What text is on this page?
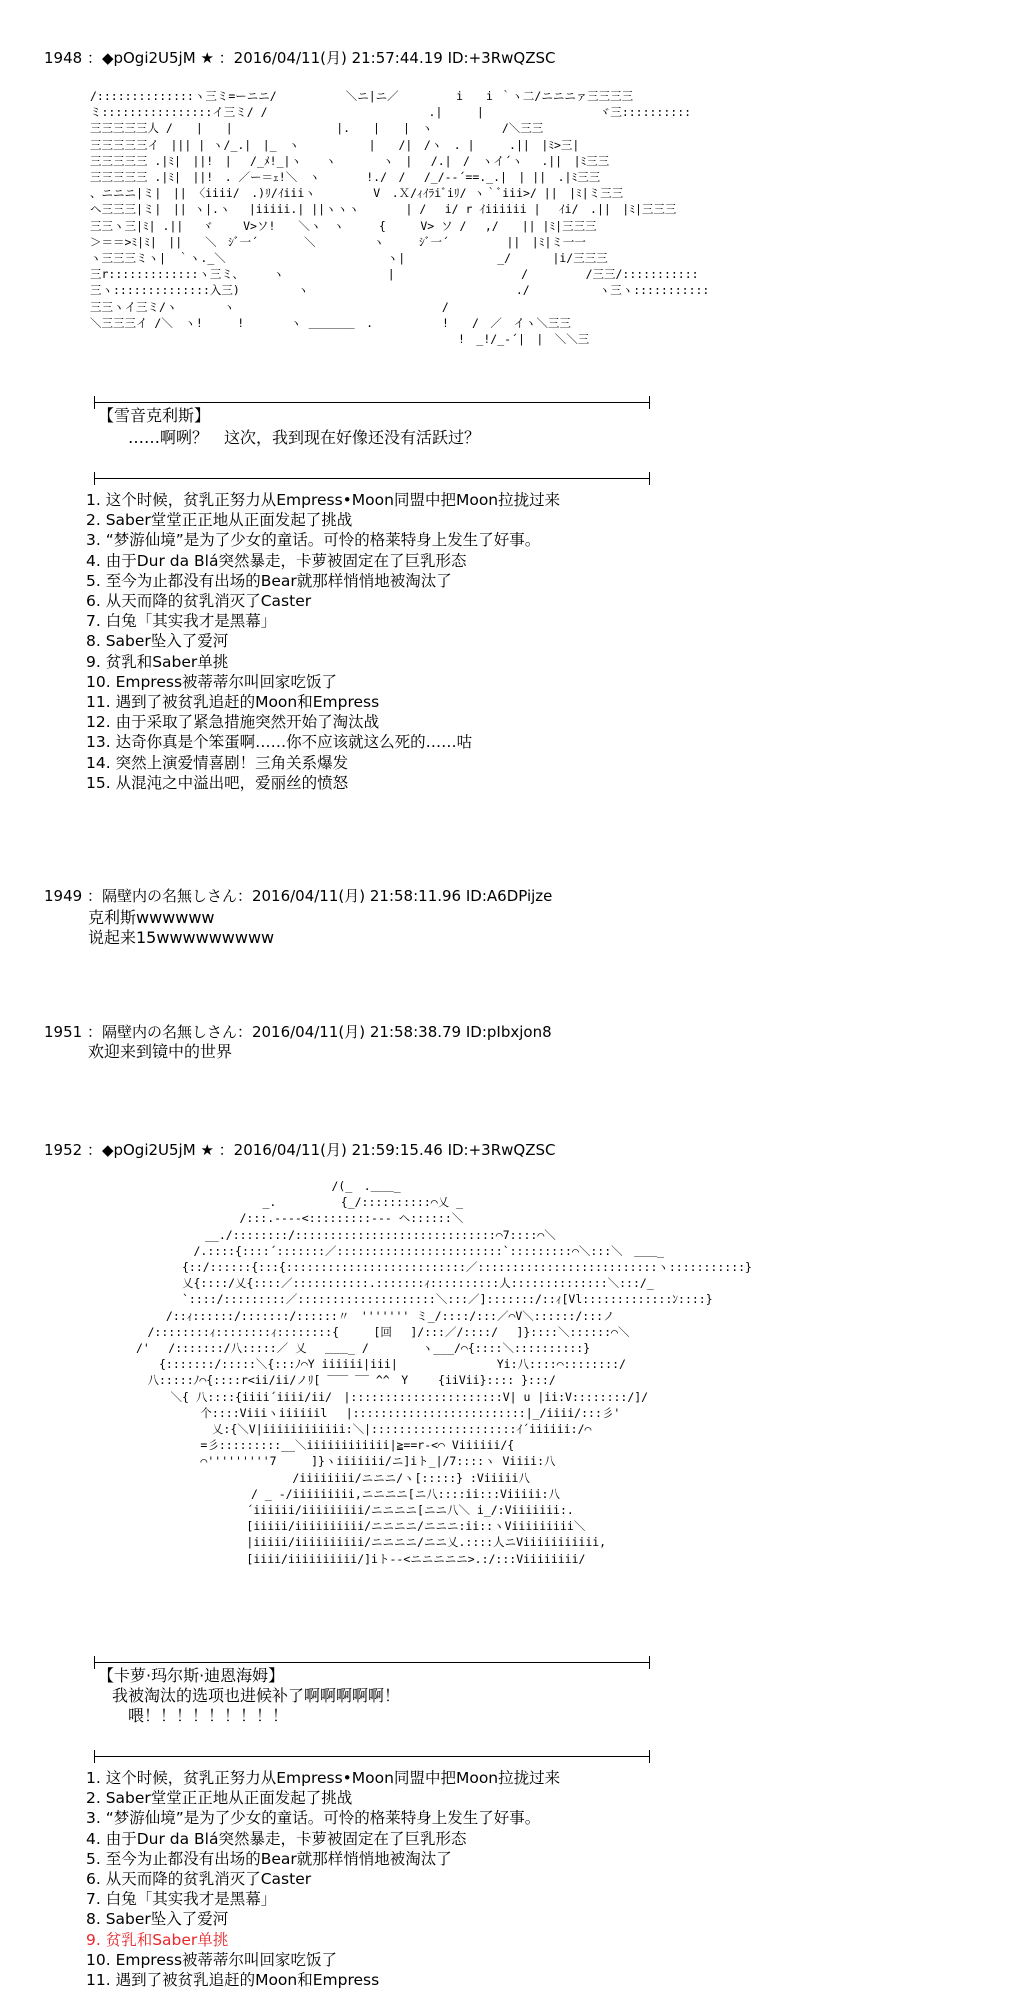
1948 ：◆pOgi2U5jM ★ ：2016/04/11(月) 21:57:44.19 ID:+3RwQZSC
/::::::::::::::ヽ三ミ=ーニニ/　　　　　　＼ニ|ニ／　　　　　i　　i ｀ヽ二/ニニニァ三三三三
ミ::::::::::::::::イ三ミ/ /　　　　　　　　　　　　　　.|　　　|　　　　　　　　　　ヾ三::::::::::
三三三三三人 /　　|　　|　　　　　　　　　|.　　|　　|　ヽ　　　　　　/＼三三
三三三三三イ　||| | ヽ/_.|　|_　ヽ　　　　　　|　　/|　/ヽ　. |　　　.||　|ﾐ>三|
三三三三三 .|ﾐ|　||!　|　 /_ﾒ!_|ヽ　　ヽ　　　　ヽ　|　 /.|　/　ヽイ´ヽ　 .||　|ﾐ三三
三三三三三 .|ﾐ|　||!　. ／ー＝ｪ!＼　ヽ　　　　!./　/　 /_/-‐´==._.|　| ||　.|ﾐ三三
、ニニニ|ミ|　|| 〈iiii/　.)ﾘ/ｲiiiヽ　　　　　V　.Ｘ/ｨｲﾗiﾞiﾘ/ ヽ｀ﾞiii>/ ||　|ﾐ|ミ三三
ヘ三三三|ミ|　|| ヽ|.ヽ　 |iiiii.| ||ヽヽヽ　　　　| /　 i/ r ｲiiiiii | 　ｲi/　.||　|ﾐ|三三三
三三ヽ三|ﾐ| .||　 ヾ　　 V>ソ!　　＼ヽ　ヽ　　　{　　　V> ソ /　 ,/　　|| |ﾐ|三三三
＞＝＝>ﾐ|ﾐ|　||　　＼　ｼﾞ一´　　　　＼　　　　　ヽ　　　ｼﾞ一´　　　　　||　|ﾐ|ミ一一
ヽ三三三ミヽ|　｀ヽ._＼　　　　　　　　　　　　　　ヽ|　　　　　　　　_/　　　 |i/三三三
三r:::::::::::::ヽ三ミ、　　　ヽ　　　　　　　　　|　　　　　　　　　　　/　　　　　/三三/:::::::::::
三ヽ::::::::::::::入三)　　　　　ヽ　　　　　　　　　　　　　　　　　　./　　　　　　ヽ三ヽ:::::::::::
三三ヽイ三ミ/ヽ　　　　ヽ　　　　　　　　　　　　　　　　　　/　　　　　　　　
＼三三三イ /＼　ヽ!　　　!　　　　ヽ ＿＿＿＿　.　　　　　　!　　/　／　イヽ＼三三
　　　　　　　　　　　　　　　　　　　　　　　　　　　　　　　　!　_!/_-´|　|　＼＼三
【雪音克利斯】
　……啊咧？　这次，我到现在好像还没有活跃过？
1. 这个时候，贫乳正努力从Empress•Moon同盟中把Moon拉拢过来
2. Saber堂堂正正地从正面发起了挑战
3. “梦游仙境”是为了少女的童话。可怜的格莱特身上发生了好事。
4. 由于Dur da Blá突然暴走，卡萝被固定在了巨乳形态
5. 至今为止都没有出场的Bear就那样悄悄地被淘汰了
6. 从天而降的贫乳消灭了Caster
7. 白兔「其实我才是黑幕」
8. Saber坠入了爱河
9. 贫乳和Saber单挑
10. Empress被蒂蒂尔叫回家吃饭了
11. 遇到了被贫乳追赶的Moon和Empress
12. 由于采取了紧急措施突然开始了淘汰战
13. 达奇你真是个笨蛋啊……你不应该就这么死的……咕
14. 突然上演爱情喜剧！三角关系爆发
15. 从混沌之中溢出吧，爱丽丝的愤怒
1949 ：隔壁内の名無しさん：2016/04/11(月) 21:58:11.96 ID:A6DPijze
克利斯wwwwww
说起来15wwwwwwwww
1951 ：隔壁内の名無しさん：2016/04/11(月) 21:58:38.79 ID:pIbxjon8
欢迎来到镜中的世界
1952 ：◆pOgi2U5jM ★ ：2016/04/11(月) 21:59:15.46 ID:+3RwQZSC
　　　　　　　　　　　　　　　　　　　　　/(_　.＿＿_
　　　　　　　　　　　　　　　_.　　　　　 {_/::::::::::⌒乂 _
　　　　　　　　　　　　　/:::.--‐‐<:::::::::‐‐‐ ヘ::::::＼
　　　　　　　　　　__./::::::::/:::::::::::::::::::::::::::::⌒7::::⌒＼
　　　　　　　　　/.::::{::::´:::::::／::::::::::::::::::::::::`:::::::::⌒＼:::＼　＿＿_
　　　　　　　　{::/::::::{:::{::::::::::::::::::::::::::／::::::::::::::::::::::::::ヽ:::::::::::}
　　　　　　　　乂{::::/乂{::::／:::::::::::.:::::::ｨ::::::::::人::::::::::::::＼:::/_
　　　　　　　　`::::/:::::::::／::::::::::::::::::::＼:::／]:::::::/::ｨ[Vl:::::::::::::ﾝ::::}
　　　　　　 /::ｨ::::::/:::::::/::::::〃　''''''' ミ_/::::/:::／⌒V＼::::::/:::ノ
　　　　　/::::::::ｨ::::::::ｨ::::::::{　　　[回　 ]/:::／/::::/　 ]}::::＼::::::⌒＼
　　　　/'　 /:::::::/八:::::／ 乂　 ＿＿_ /　　　　 ヽ___/⌒{::::＼::::::::::}
　　　　　　{:::::::/:::::＼{:::ﾉ⌒Y iiiiii|iii|　　　　　　　　 Yi:八::::⌒::::::::/
　　　　　八:::::ﾉ⌒{::::r<ii/ii/ノﾘ[ ‾‾‾ ‾‾ ^^　Y　　 {iiVii}:::: }:::/
　　　　　　　＼{ 八::::{iiii´iiii/ii/　|::::::::::::::::::::::V| u |ii:V::::::::/]/
　　　　　　　　　 个::::Viiiヽiiiiiil　 |:::::::::::::::::::::::::|_/iiii/:::彡'
　　　　　　　　　　 乂:{＼V|iiiiiiiiiiii:＼|:::::::::::::::::::::ｲ´iiiiii:/⌒
　　　　　　　　　 =彡:::::::::__＼iiiiiiiiiiii|≧==r‐<⌒ Viiiiii/{
　　　　　　　　　 ⌒'''''''''7　　　]}ヽiiiiiii/ニ]iト_|/7::::ヽ Viiii:八
　　　　　　　　　　　　　　　　　 /iiiiiiii/ニニニ/ヽ[:::::} :Viiiii八
　　　　　　　　　　　　　　/ _ -/iiiiiiiii,ニニニニ[ニ八::::ii:::Viiiii:八
　　　　　　　　　　　　　 ´iiiiii/iiiiiiiii/ニニニニ[ニニ八＼ i_/:Viiiiiii:.
　　　　　　　　　　　　　 [iiiii/iiiiiiiiii/ニニニニ/ニニニ:ii::ヽViiiiiiiii＼
　　　　　　　　　　　　　 |iiiii/iiiiiiiiii/ニニニニ/ニニ乂.::::人ニViiiiiiiiiii,
　　　　　　　　　　　　　 [iiii/iiiiiiiiii/]iト‐‐<ニニニニニ>.:/:::Viiiiiiii/
【卡萝·玛尔斯·迪恩海姆】
我被淘汰的选项也进候补了啊啊啊啊啊！
　喂！！！！！！！！！
1. 这个时候，贫乳正努力从Empress•Moon同盟中把Moon拉拢过来
2. Saber堂堂正正地从正面发起了挑战
3. “梦游仙境”是为了少女的童话。可怜的格莱特身上发生了好事。
4. 由于Dur da Blá突然暴走，卡萝被固定在了巨乳形态
5. 至今为止都没有出场的Bear就那样悄悄地被淘汰了
6. 从天而降的贫乳消灭了Caster
7. 白兔「其实我才是黑幕」
8. Saber坠入了爱河
9. 贫乳和Saber单挑
10. Empress被蒂蒂尔叫回家吃饭了
11. 遇到了被贫乳追赶的Moon和Empress
